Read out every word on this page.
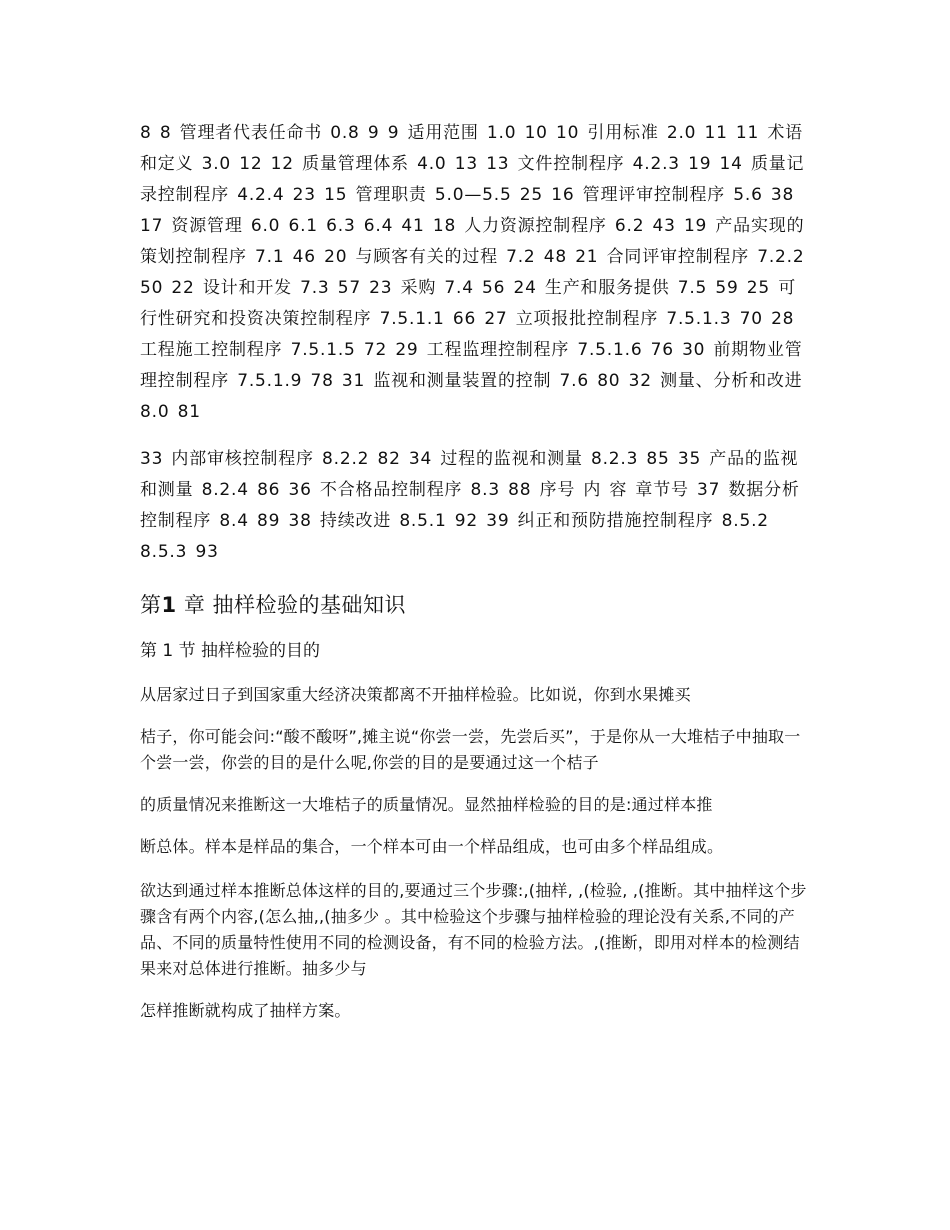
8 8 管理者代表任命书 0.8 9 9 适用范围 1.0 10 10 引用标准 2.0 11 11 术语和定义 3.0 12 12 质量管理体系 4.0 13 13 文件控制程序 4.2.3 19 14 质量记录控制程序 4.2.4 23 15 管理职责 5.0—5.5 25 16 管理评审控制程序 5.6 38 17 资源管理 6.0 6.1 6.3 6.4 41 18 人力资源控制程序 6.2 43 19 产品实现的策划控制程序 7.1 46 20 与顾客有关的过程 7.2 48 21 合同评审控制程序 7.2.2 50 22 设计和开发 7.3 57 23 采购 7.4 56 24 生产和服务提供 7.5 59 25 可行性研究和投资决策控制程序 7.5.1.1 66 27 立项报批控制程序 7.5.1.3 70 28 工程施工控制程序 7.5.1.5 72 29 工程监理控制程序 7.5.1.6 76 30 前期物业管理控制程序 7.5.1.9 78 31 监视和测量装置的控制 7.6 80 32 测量、分析和改进 8.0 81

33 内部审核控制程序 8.2.2 82 34 过程的监视和测量 8.2.3 85 35 产品的监视和测量 8.2.4 86 36 不合格品控制程序 8.3 88 序号 内 容 章节号 37 数据分析控制程序 8.4 89 38 持续改进 8.5.1 92 39 纠正和预防措施控制程序 8.5.2 8.5.3 93

第1 章 抽样检验的基础知识
第 1 节 抽样检验的目的

从居家过日子到国家重大经济决策都离不开抽样检验。比如说，你到水果摊买

桔子，你可能会问:“酸不酸呀”,摊主说“你尝一尝，先尝后买”，于是你从一大堆桔子中抽取一个尝一尝，你尝的目的是什么呢,你尝的目的是要通过这一个桔子

的质量情况来推断这一大堆桔子的质量情况。显然抽样检验的目的是:通过样本推

断总体。样本是样品的集合，一个样本可由一个样品组成，也可由多个样品组成。

欲达到通过样本推断总体这样的目的,要通过三个步骤:,(抽样, ,(检验, ,(推断。其中抽样这个步骤含有两个内容,(怎么抽,,(抽多少 。其中检验这个步骤与抽样检验的理论没有关系,不同的产品、不同的质量特性使用不同的检测设备，有不同的检验方法。,(推断，即用对样本的检测结果来对总体进行推断。抽多少与

怎样推断就构成了抽样方案。
